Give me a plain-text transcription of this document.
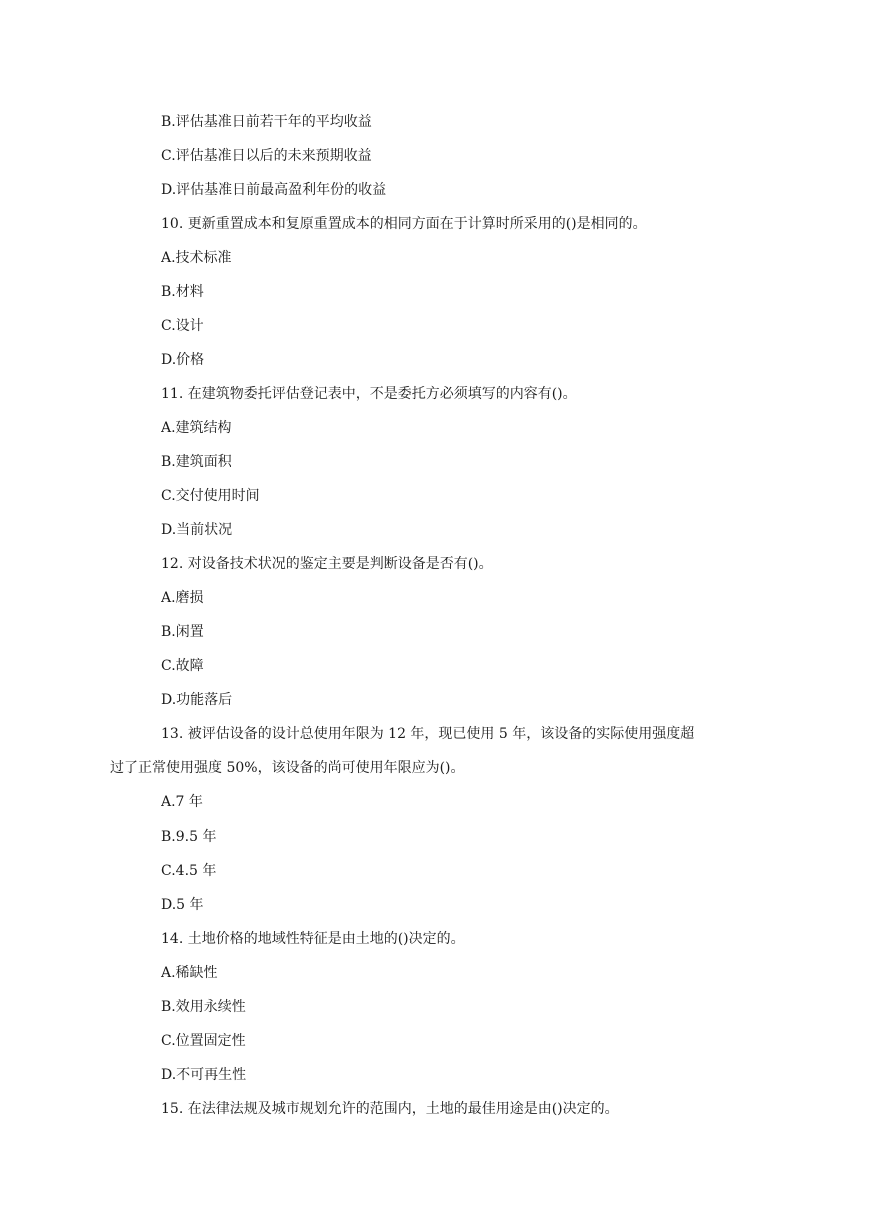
B.评估基准日前若干年的平均收益
C.评估基准日以后的未来预期收益
D.评估基准日前最高盈利年份的收益
10. 更新重置成本和复原重置成本的相同方面在于计算时所采用的()是相同的。
A.技术标准
B.材料
C.设计
D.价格
11. 在建筑物委托评估登记表中，不是委托方必须填写的内容有()。
A.建筑结构
B.建筑面积
C.交付使用时间
D.当前状况
12. 对设备技术状况的鉴定主要是判断设备是否有()。
A.磨损
B.闲置
C.故障
D.功能落后
13. 被评估设备的设计总使用年限为 12 年，现已使用 5 年，该设备的实际使用强度超
过了正常使用强度 50%，该设备的尚可使用年限应为()。
A.7 年
B.9.5 年
C.4.5 年
D.5 年
14. 土地价格的地域性特征是由土地的()决定的。
A.稀缺性
B.效用永续性
C.位置固定性
D.不可再生性
15. 在法律法规及城市规划允许的范围内，土地的最佳用途是由()决定的。
